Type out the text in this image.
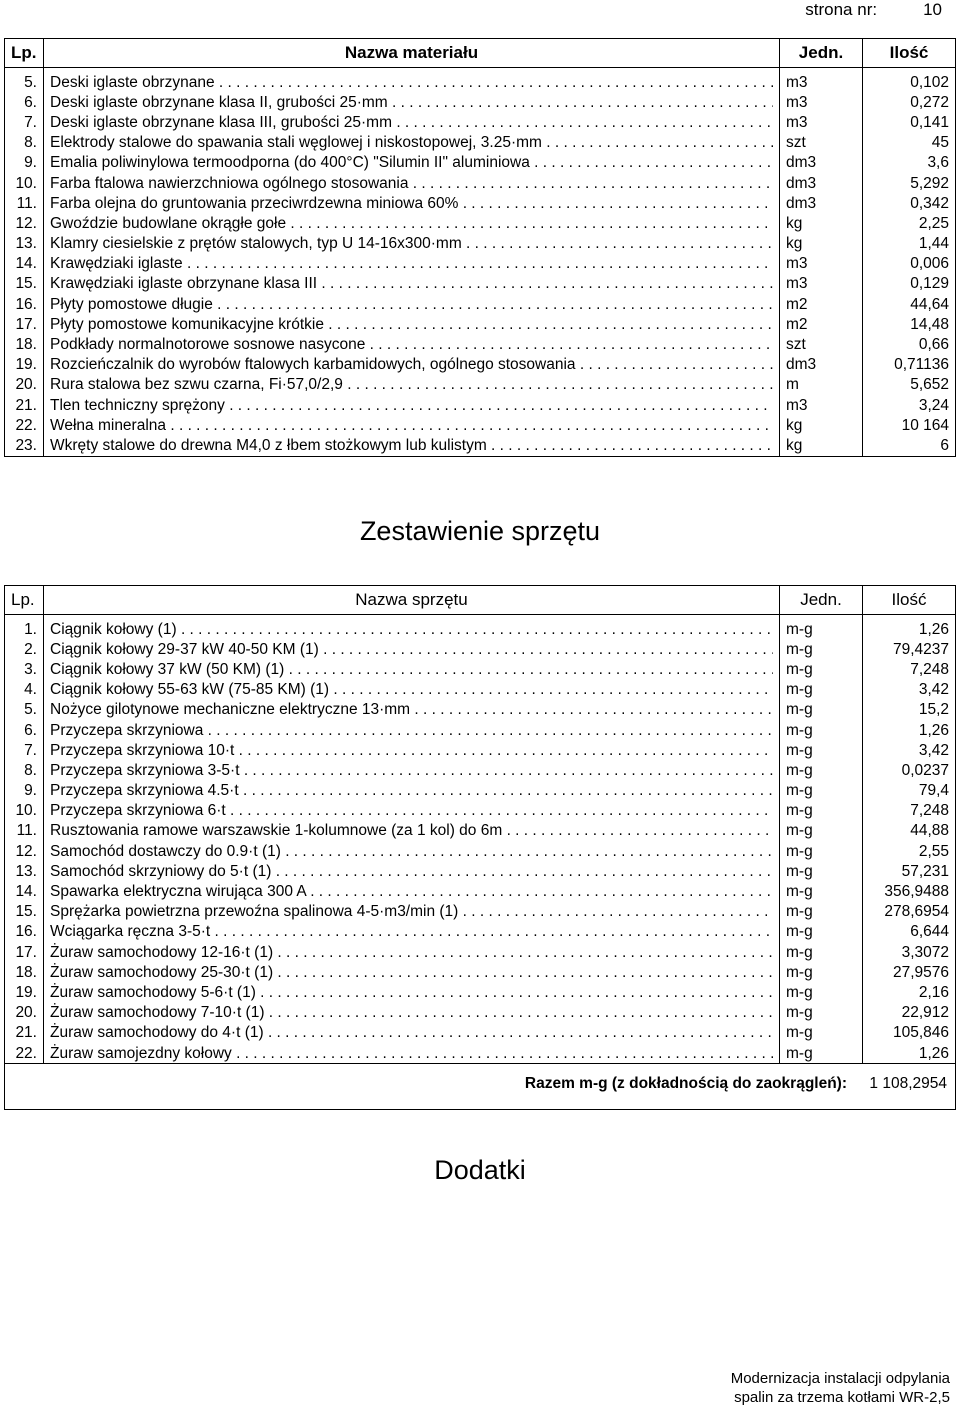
strona nr:	10
Lp.	Nazwa materiału	Jedn.	Ilość

5.	Deski iglaste obrzynane . . .	m3	0,102
6.	Deski iglaste obrzynane klasa II, grubości 25·mm . . .	m3	0,272
7.	Deski iglaste obrzynane klasa III, grubości 25·mm . . .	m3	0,141
8.	Elektrody stalowe do spawania stali węglowej i niskostopowej, 3.25·mm . . .	szt	45
9.	Emalia poliwinylowa termoodporna (do 400°C) "Silumin II" aluminiowa . . .	dm3	3,6
10.	Farba ftalowa nawierzchniowa ogólnego stosowania . . .	dm3	5,292
11.	Farba olejna do gruntowania przeciwrdzewna miniowa 60% . . .	dm3	0,342
12.	Gwoździe budowlane okrągłe gołe . . .	kg	2,25
13.	Klamry ciesielskie z prętów stalowych, typ U 14-16x300·mm . . .	kg	1,44
14.	Krawędziaki iglaste . . .	m3	0,006
15.	Krawędziaki iglaste obrzynane klasa III . . .	m3	0,129
16.	Płyty pomostowe długie . . .	m2	44,64
17.	Płyty pomostowe komunikacyjne krótkie . . .	m2	14,48
18.	Podkłady normalnotorowe sosnowe nasycone . . .	szt	0,66
19.	Rozcieńczalnik do wyrobów ftalowych karbamidowych, ogólnego stosowania . . .	dm3	0,71136
20.	Rura stalowa bez szwu czarna, Fi·57,0/2,9 . . .	m	5,652
21.	Tlen techniczny sprężony . . .	m3	3,24
22.	Wełna mineralna . . .	kg	10 164
23.	Wkręty stalowe do drewna M4,0 z łbem stożkowym lub kulistym . . .	kg	6
Zestawienie sprzętu
Lp.	Nazwa sprzętu	Jedn.	Ilość

1.	Ciągnik kołowy (1) . . .	m-g	1,26
2.	Ciągnik kołowy 29-37 kW 40-50 KM (1) . . .	m-g	79,4237
3.	Ciągnik kołowy 37 kW (50 KM) (1) . . .	m-g	7,248
4.	Ciągnik kołowy 55-63 kW (75-85 KM) (1) . . .	m-g	3,42
5.	Nożyce gilotynowe mechaniczne elektryczne 13·mm . . .	m-g	15,2
6.	Przyczepa skrzyniowa . . .	m-g	1,26
7.	Przyczepa skrzyniowa 10·t . . .	m-g	3,42
8.	Przyczepa skrzyniowa 3-5·t . . .	m-g	0,0237
9.	Przyczepa skrzyniowa 4.5·t . . .	m-g	79,4
10.	Przyczepa skrzyniowa 6·t . . .	m-g	7,248
11.	Rusztowania ramowe warszawskie 1-kolumnowe (za 1 kol) do 6m . . .	m-g	44,88
12.	Samochód dostawczy do 0.9·t (1) . . .	m-g	2,55
13.	Samochód skrzyniowy do 5·t (1) . . .	m-g	57,231
14.	Spawarka elektryczna wirująca 300 A . . .	m-g	356,9488
15.	Sprężarka powietrzna przewoźna spalinowa 4-5·m3/min (1) . . .	m-g	278,6954
16.	Wciągarka ręczna 3-5·t . . .	m-g	6,644
17.	Żuraw samochodowy 12-16·t (1) . . .	m-g	3,3072
18.	Żuraw samochodowy 25-30·t (1) . . .	m-g	27,9576
19.	Żuraw samochodowy 5-6·t (1) . . .	m-g	2,16
20.	Żuraw samochodowy 7-10·t (1) . . .	m-g	22,912
21.	Żuraw samochodowy do 4·t (1) . . .	m-g	105,846
22.	Żuraw samojezdny kołowy . . .	m-g	1,26
Razem m-g (z dokładnością do zaokrągleń): 1 108,2954
Dodatki
Modernizacja instalacji odpylania
spalin za trzema kotłami WR-2,5
